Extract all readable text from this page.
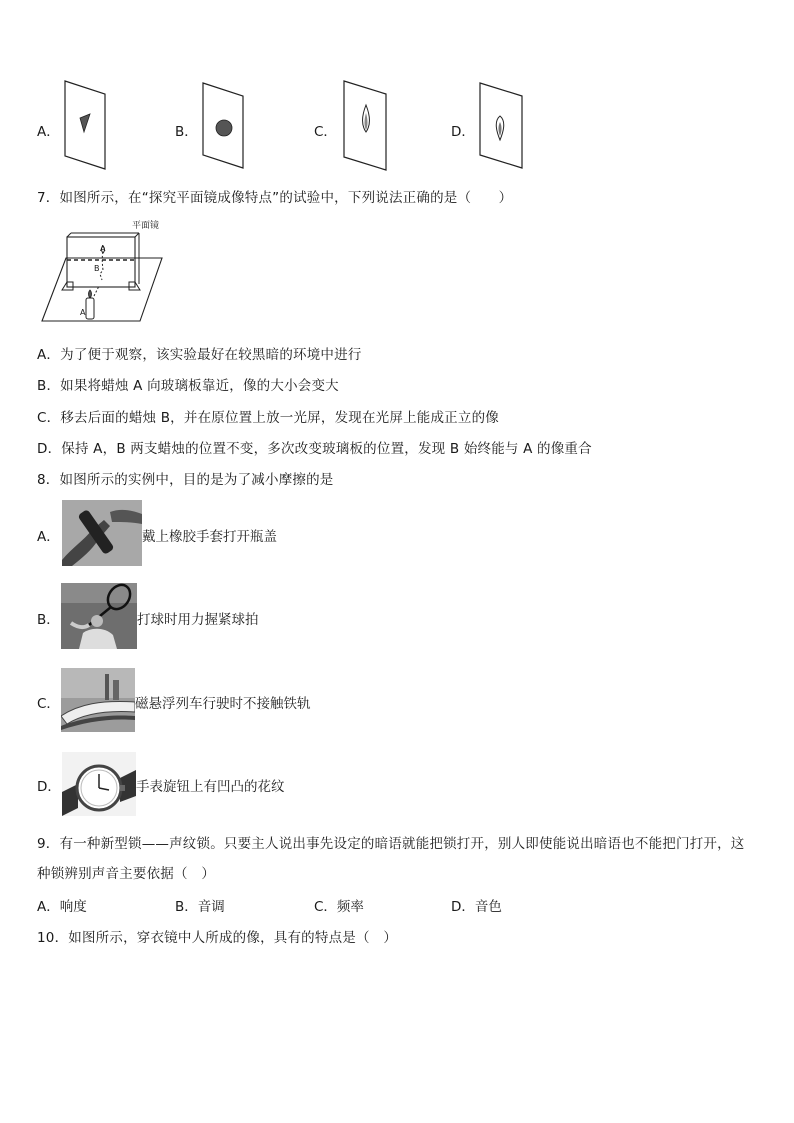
A．	B．	C．	D．
7．如图所示，在“探究平面镜成像特点”的试验中，下列说法正确的是（　　）
平面镜
A
B
A
A．为了便于观察，该实验最好在较黑暗的环境中进行
B．如果将蜡烛 A 向玻璃板靠近，像的大小会变大
C．移去后面的蜡烛 B，并在原位置上放一光屏，发现在光屏上能成正立的像
D．保持 A，B 两支蜡烛的位置不变，多次改变玻璃板的位置，发现 B 始终能与 A 的像重合
8．如图所示的实例中，目的是为了减小摩擦的是
A．	戴上橡胶手套打开瓶盖
B．	打球时用力握紧球拍
C．	磁悬浮列车行驶时不接触铁轨
D．	手表旋钮上有凹凸的花纹
9．有一种新型锁——声纹锁。只要主人说出事先设定的暗语就能把锁打开，别人即使能说出暗语也不能把门打开，这
种锁辨别声音主要依据（　）
A．响度	B．音调	C．频率	D．音色
10．如图所示，穿衣镜中人所成的像，具有的特点是（　）
